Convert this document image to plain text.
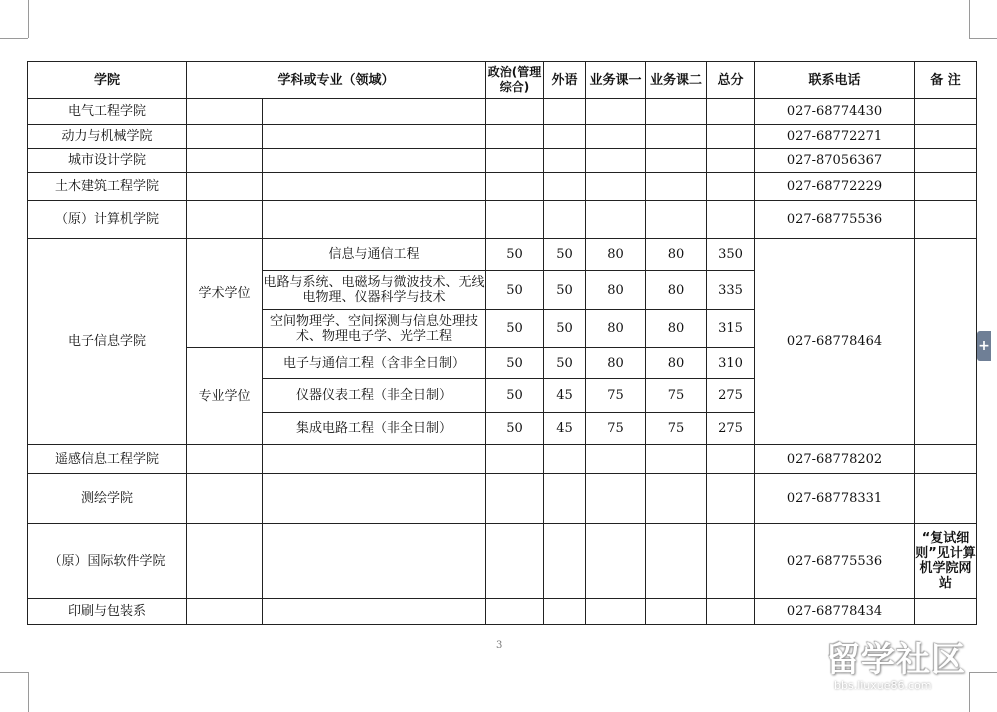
学院	学科或专业（领域）		政治(管理综合)	外语	业务课一	业务课二	总分	联系电话	备 注
电气工程学院								027-68774430	
动力与机械学院								027-68772271	
城市设计学院								027-87056367	
土木建筑工程学院								027-68772229	
（原）计算机学院								027-68775536	
电子信息学院	学术学位	信息与通信工程	50	50	80	80	350	027-68778464	
		电路与系统、电磁场与微波技术、无线电物理、仪器科学与技术	50	50	80	80	335		
		空间物理学、空间探测与信息处理技术、物理电子学、光学工程	50	50	80	80	315		
	专业学位	电子与通信工程（含非全日制）	50	50	80	80	310		
		仪器仪表工程（非全日制）	50	45	75	75	275		
		集成电路工程（非全日制）	50	45	75	75	275		
遥感信息工程学院								027-68778202	
测绘学院								027-68778331	
（原）国际软件学院								027-68775536	“复试细则”见计算机学院网站
印刷与包装系								027-68778434	
3
+
留学社区
bbs.liuxue86.com
